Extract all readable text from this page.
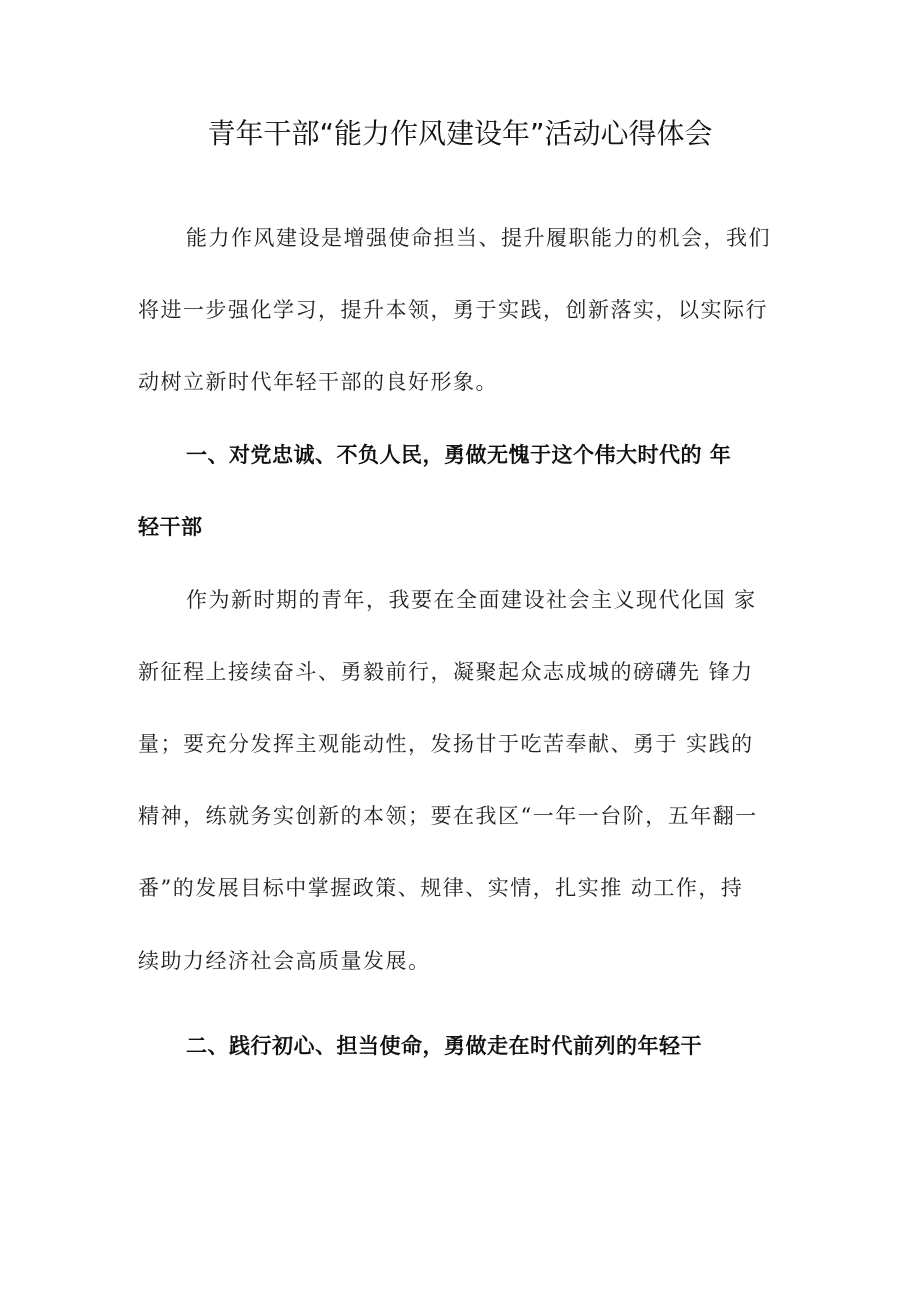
青年干部“能力作风建设年”活动心得体会
能力作风建设是增强使命担当、提升履职能力的机会，我们
将进一步强化学习，提升本领，勇于实践，创新落实，以实际行
动树立新时代年轻干部的良好形象。
一、对党忠诚、不负人民，勇做无愧于这个伟大时代的 年
轻干部
作为新时期的青年，我要在全面建设社会主义现代化国 家
新征程上接续奋斗、勇毅前行，凝聚起众志成城的磅礴先 锋力
量；要充分发挥主观能动性，发扬甘于吃苦奉献、勇于 实践的
精神，练就务实创新的本领；要在我区“一年一台阶，五年翻一
番”的发展目标中掌握政策、规律、实情，扎实推 动工作，持
续助力经济社会高质量发展。
二、践行初心、担当使命，勇做走在时代前列的年轻干
